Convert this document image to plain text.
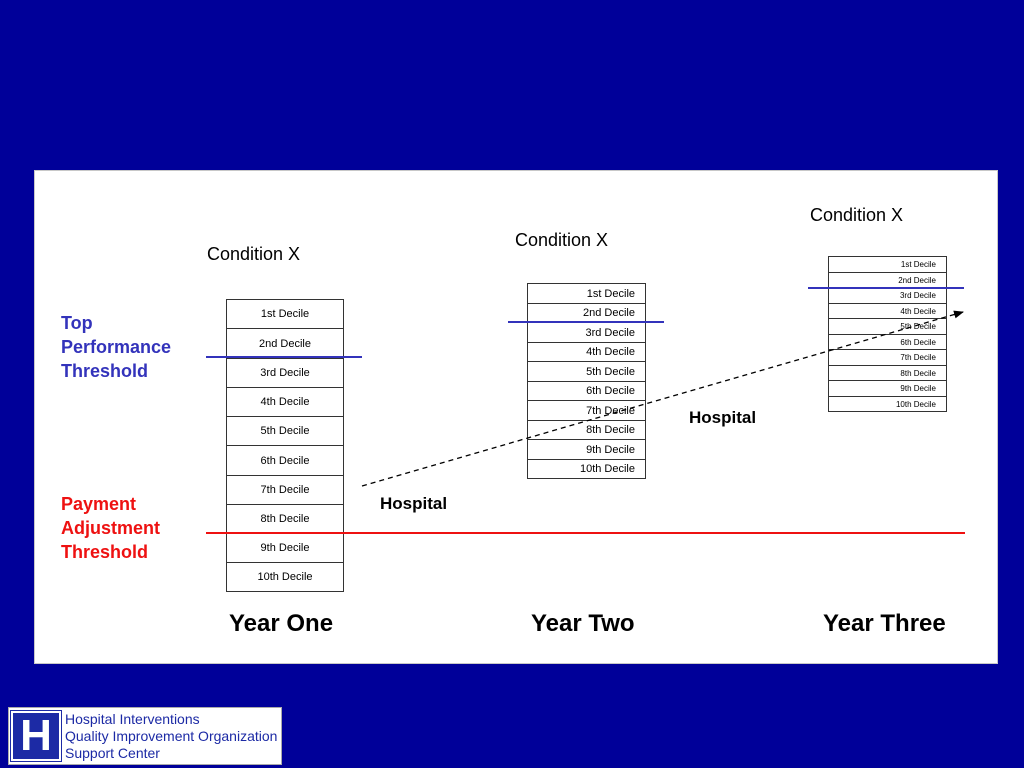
Condition X
Condition X
Condition X
1st Decile
2nd Decile
3rd Decile
4th Decile
5th Decile
6th Decile
7th Decile
8th Decile
9th Decile
10th Decile
1st Decile
2nd Decile
3rd Decile
4th Decile
5th Decile
6th Decile
7th Decile
8th Decile
9th Decile
10th Decile
1st Decile
2nd Decile
3rd Decile
4th Decile
5th Decile
6th Decile
7th Decile
8th Decile
9th Decile
10th Decile
Top
Performance
Threshold
Payment
Adjustment
Threshold
Hospital
Hospital
Year One	Year Two	Year Three
H Hospital Interventions
Quality Improvement Organization
Support Center
